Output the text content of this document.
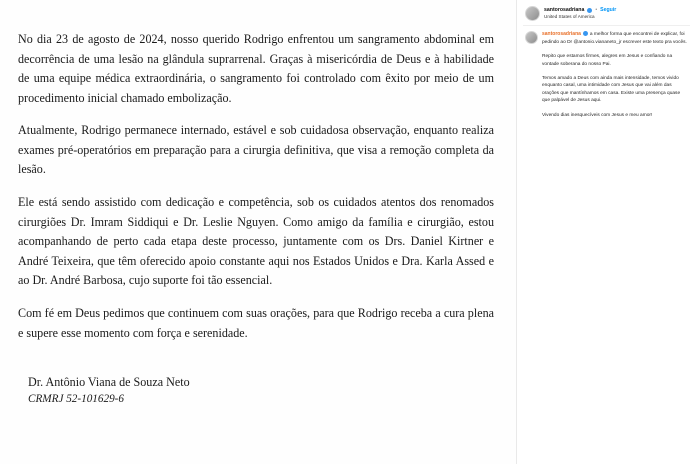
No dia 23 de agosto de 2024, nosso querido Rodrigo enfrentou um sangramento abdominal em decorrência de uma lesão na glândula suprarrenal. Graças à misericórdia de Deus e à habilidade de uma equipe médica extraordinária, o sangramento foi controlado com êxito por meio de um procedimento inicial chamado embolização.

Atualmente, Rodrigo permanece internado, estável e sob cuidadosa observação, enquanto realiza exames pré-operatórios em preparação para a cirurgia definitiva, que visa a remoção completa da lesão.

Ele está sendo assistido com dedicação e competência, sob os cuidados atentos dos renomados cirurgiões Dr. Imram Siddiqui e Dr. Leslie Nguyen. Como amigo da família e cirurgião, estou acompanhando de perto cada etapa deste processo, juntamente com os Drs. Daniel Kirtner e André Teixeira, que têm oferecido apoio constante aqui nos Estados Unidos e Dra. Karla Assed e ao Dr. André Barbosa, cujo suporte foi tão essencial.

Com fé em Deus pedimos que continuem com suas orações, para que Rodrigo receba a cura plena e supere esse momento com força e serenidade.

Dr. Antônio Viana de Souza Neto
CRMRJ 52-101629-6
santorosadriana • Seguir
United States of America
santorosadriana a melhor forma que encontrei de explicar, foi pedindo ao Dr @antonio.viananeto_jr escrever este texto pra vocês.
Repito que estamos firmes, alegres em Jesus e confiando na vontade soberana do nosso Pai.
Temos amado a Deus com ainda mais intensidade, temos vivido enquanto casal, uma intimidade com Jesus que vai além das orações que mantínhamos em casa. Existe uma presença quase que palpável de Jesus aqui.
Vivendo dias inesquecíveis com Jesus e meu amor!
